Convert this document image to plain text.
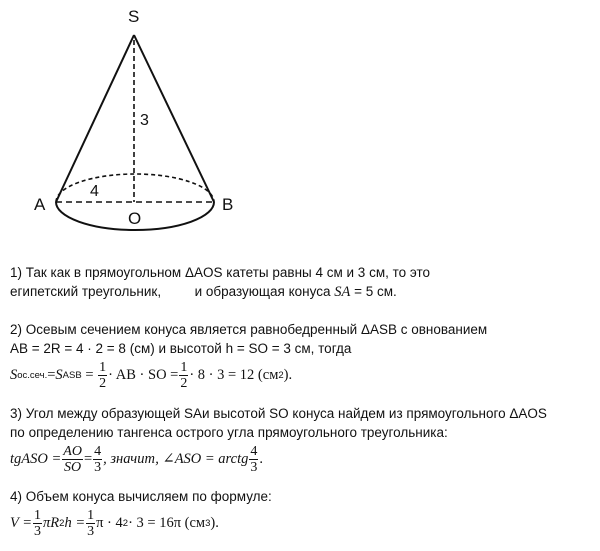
S
A	B
O
3
4
1) Так как в прямоугольном ΔAOS катеты равны 4 см и 3 см, то это
египетский треугольник, и образующая конуса SA = 5 см.
2) Осевым сечением конуса является равнобедренный ΔASB с овнованием
AB = 2R = 4 · 2 = 8 (см) и высотой h = SO = 3 см, тогда
S ос.сеч. = S ASB = $\frac{1}{2}$ · AB · SO = $\frac{1}{2} \cdot 8 \cdot 3 = 12$ (см 2 ).
3) Угол между образующей SAи высотой SO конуса найдем из прямоугольного ΔAOS
по определению тангенса острого угла прямоугольного треугольника:
tgASO = $\frac{AO}{SO} = \frac{4}{3}$ , значит, ∠ASO = arctg $\frac{4}{3}$ .
4) Объем конуса вычисляем по формуле:
$V = \frac{1}{3}$ πR 2 $h = \frac{1}{3}$ π · 4 2 · 3 = 16π (см 3 ).
